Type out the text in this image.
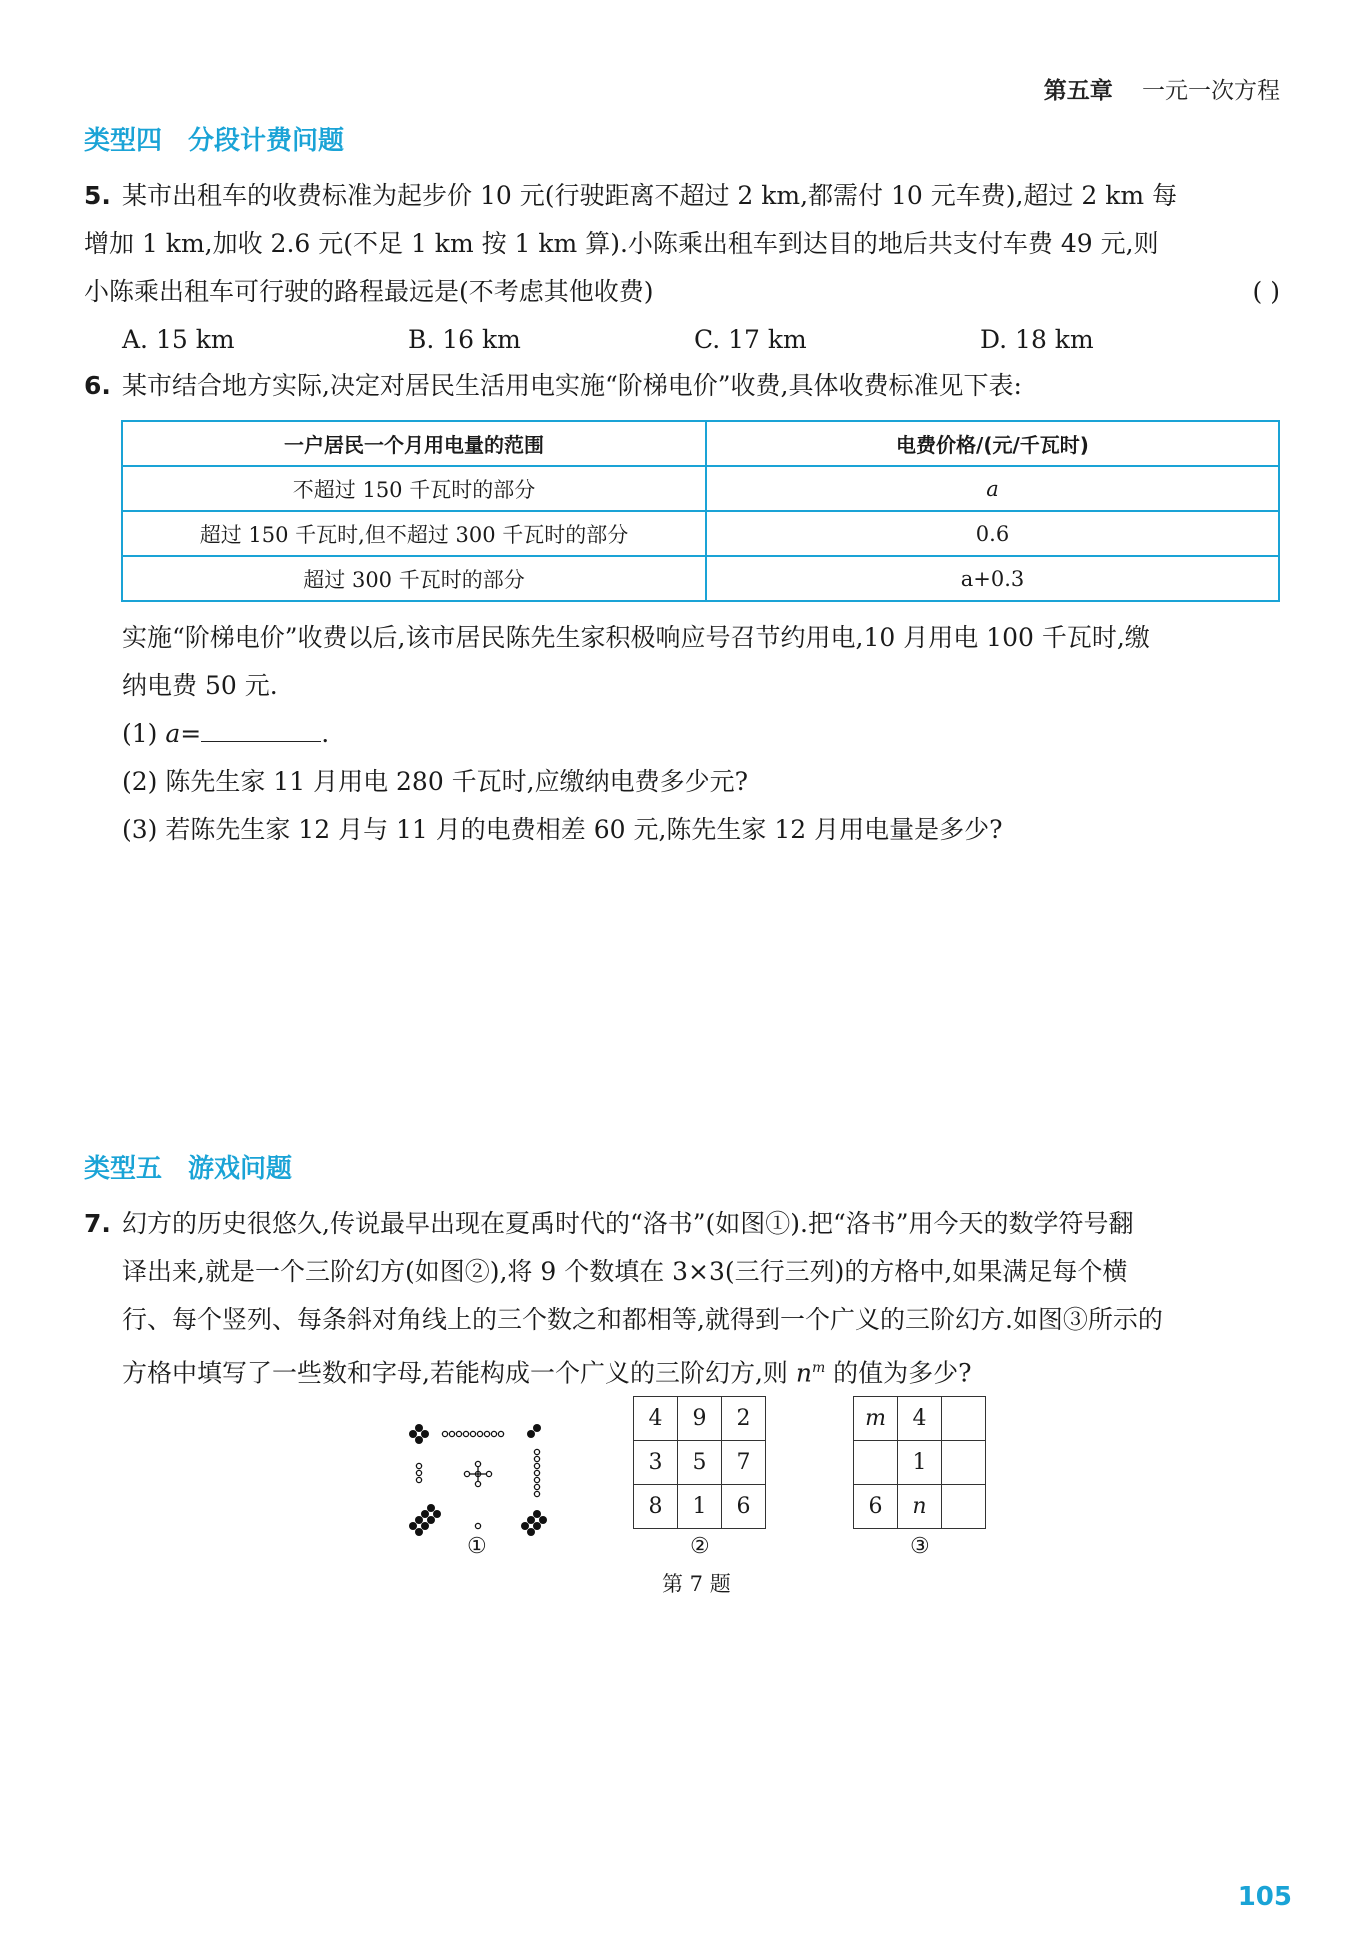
第五章 一元一次方程
类型四 分段计费问题
5. 某市出租车的收费标准为起步价 10 元(行驶距离不超过 2 km,都需付 10 元车费),超过 2 km 每
增加 1 km,加收 2.6 元(不足 1 km 按 1 km 算).小陈乘出租车到达目的地后共支付车费 49 元,则
小陈乘出租车可行驶的路程最远是(不考虑其他收费)	( )
A. 15 km	B. 16 km	C. 17 km	D. 18 km
6. 某市结合地方实际,决定对居民生活用电实施“阶梯电价”收费,具体收费标准见下表:
一户居民一个月用电量的范围	电费价格/(元/千瓦时)
不超过 150 千瓦时的部分	a
超过 150 千瓦时,但不超过 300 千瓦时的部分	0.6
超过 300 千瓦时的部分	a+0.3
实施“阶梯电价”收费以后,该市居民陈先生家积极响应号召节约用电,10 月用电 100 千瓦时,缴
纳电费 50 元.
(1) a=	.
(2) 陈先生家 11 月用电 280 千瓦时,应缴纳电费多少元?
(3) 若陈先生家 12 月与 11 月的电费相差 60 元,陈先生家 12 月用电量是多少?
类型五 游戏问题
7. 幻方的历史很悠久,传说最早出现在夏禹时代的“洛书”(如图①).把“洛书”用今天的数学符号翻
译出来,就是一个三阶幻方(如图②),将 9 个数填在 3×3(三行三列)的方格中,如果满足每个横
行、每个竖列、每条斜对角线上的三个数之和都相等,就得到一个广义的三阶幻方.如图③所示的
方格中填写了一些数和字母,若能构成一个广义的三阶幻方,则 $n^m$ 的值为多少?
4	9	2
3	5	7
8	1	6
m	4	
	1	
6	n	
①	②	③
第 7 题
105
